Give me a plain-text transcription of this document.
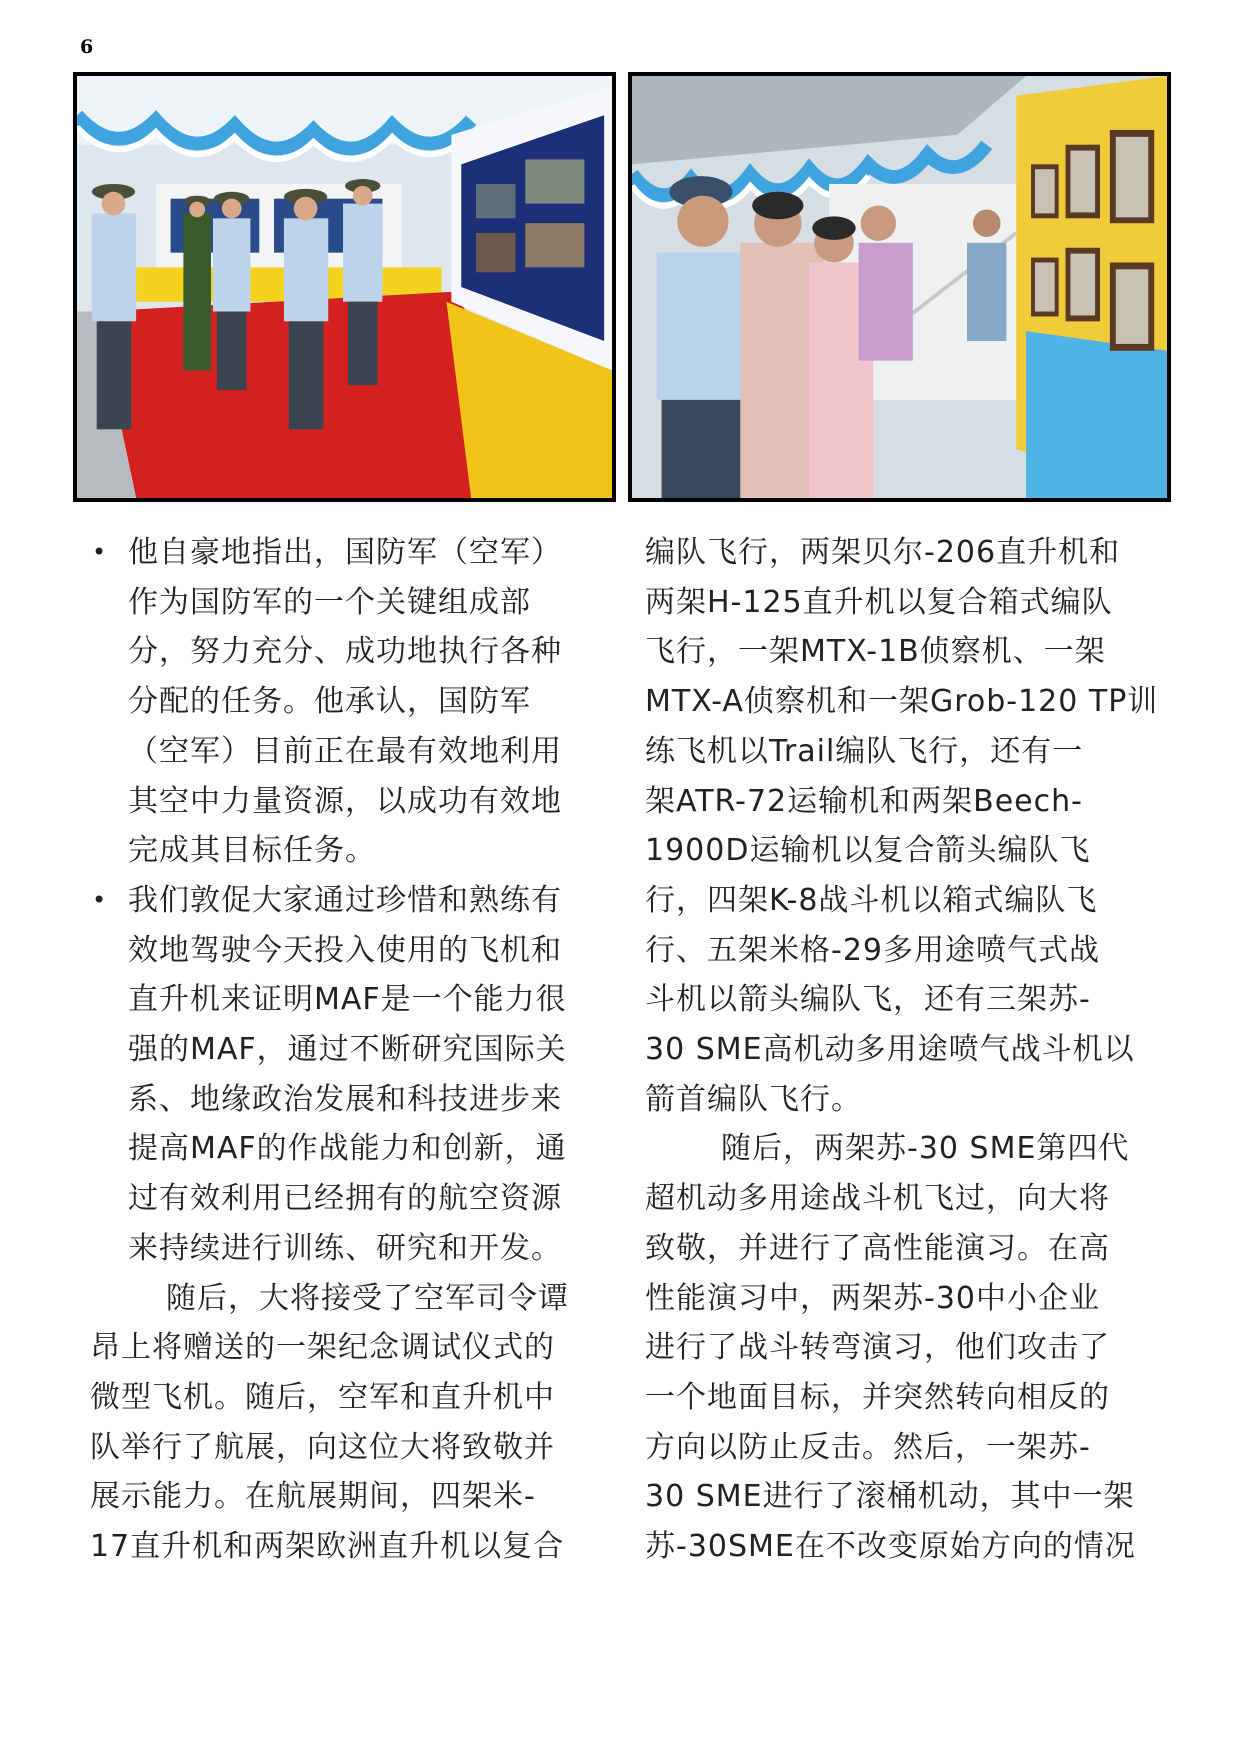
6
• 他自豪地指出，国防军（空军）
作为国防军的一个关键组成部
分，努力充分、成功地执行各种
分配的任务。他承认，国防军
（空军）目前正在最有效地利用
其空中力量资源，以成功有效地
完成其目标任务。
• 我们敦促大家通过珍惜和熟练有
效地驾驶今天投入使用的飞机和
直升机来证明MAF是一个能力很
强的MAF，通过不断研究国际关
系、地缘政治发展和科技进步来
提高MAF的作战能力和创新，通
过有效利用已经拥有的航空资源
来持续进行训练、研究和开发。
随后，大将接受了空军司令谭
昂上将赠送的一架纪念调试仪式的
微型飞机。随后，空军和直升机中
队举行了航展，向这位大将致敬并
展示能力。在航展期间，四架米-
17直升机和两架欧洲直升机以复合
编队飞行，两架贝尔-206直升机和
两架H-125直升机以复合箱式编队
飞行，一架MTX-1B侦察机、一架
MTX-A侦察机和一架Grob-120 TP训
练飞机以Trail编队飞行，还有一
架ATR-72运输机和两架Beech-
1900D运输机以复合箭头编队飞
行，四架K-8战斗机以箱式编队飞
行、五架米格-29多用途喷气式战
斗机以箭头编队飞，还有三架苏-
30 SME高机动多用途喷气战斗机以
箭首编队飞行。
随后，两架苏-30 SME第四代
超机动多用途战斗机飞过，向大将
致敬，并进行了高性能演习。在高
性能演习中，两架苏-30中小企业
进行了战斗转弯演习，他们攻击了
一个地面目标，并突然转向相反的
方向以防止反击。然后，一架苏-
30 SME进行了滚桶机动，其中一架
苏-30SME在不改变原始方向的情况
